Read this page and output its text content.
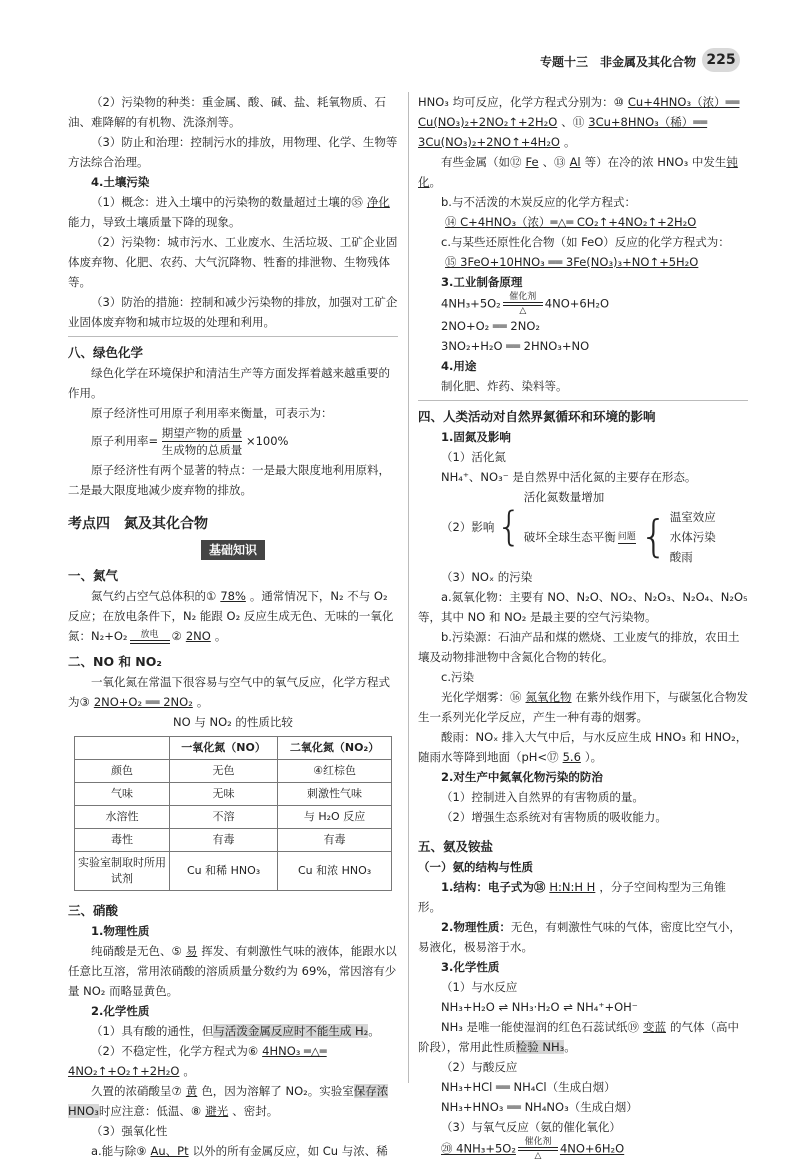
专题十三　非金属及其化合物 225

（2）污染物的种类：重金属、酸、碱、盐、耗氧物质、石油、难降解的有机物、洗涤剂等。

（3）防止和治理：控制污水的排放，用物理、化学、生物等方法综合治理。

4.土壤污染

（1）概念：进入土壤中的污染物的数量超过土壤的㉟ 净化能力，导致土壤质量下降的现象。

（2）污染物：城市污水、工业废水、生活垃圾、工矿企业固体废弃物、化肥、农药、大气沉降物、牲畜的排泄物、生物残体等。

（3）防治的措施：控制和减少污染物的排放，加强对工矿企业固体废弃物和城市垃圾的处理和利用。

八、绿色化学

绿色化学在环境保护和清洁生产等方面发挥着越来越重要的作用。

原子经济性可用原子利用率来衡量，可表示为：

原子利用率= $\frac{\text{期望产物的质量}}{\text{生成物的总质量}} \times 100\%$

原子经济性有两个显著的特点：一是最大限度地利用原料，二是最大限度地减少废弃物的排放。

考点四　氮及其化合物

基础知识

一、氮气

氮气约占空气总体积的① 78% 。通常情况下，N₂ 不与 O₂ 反应；在放电条件下，N₂ 能跟 O₂ 反应生成无色、无味的一氧化氮：N₂+O₂	放电	② 2NO 。

二、NO 和 NO₂

一氧化氮在常温下很容易与空气中的氧气反应，化学方程式为③ 2NO+O₂ ══ 2NO₂ 。

NO 与 NO₂ 的性质比较

	一氧化氮（NO）	二氧化氮（NO₂）
颜色	无色	④红棕色
气味	无味	刺激性气味
水溶性	不溶	与 H₂O 反应
毒性	有毒	有毒
实验室制取时所用试剂	Cu 和稀 HNO₃	Cu 和浓 HNO₃

三、硝酸

1.物理性质

纯硝酸是无色、⑤ 易 挥发、有刺激性气味的液体，能跟水以任意比互溶，常用浓硝酸的溶质质量分数约为 69%，常因溶有少量 NO₂ 而略显黄色。

2.化学性质

（1）具有酸的通性，但与活泼金属反应时不能生成 H₂。

（2）不稳定性，化学方程式为⑥ 4HNO₃ ═△═ 4NO₂↑+O₂↑+2H₂O 。

久置的浓硝酸呈⑦ 黄 色，因为溶解了 NO₂。实验室保存浓 HNO₃时应注意：低温、⑧ 避光 、密封。

（3）强氧化性

a.能与除⑨ Au、Pt 以外的所有金属反应，如 Cu 与浓、稀

HNO₃ 均可反应，化学方程式分别为：⑩ Cu+4HNO₃（浓）══ Cu(NO₃)₂+2NO₂↑+2H₂O 、⑪ 3Cu+8HNO₃（稀）══ 3Cu(NO₃)₂+2NO↑+4H₂O 。

有些金属（如⑫ Fe 、⑬ Al 等）在冷的浓 HNO₃ 中发生钝化。

b.与不活泼的木炭反应的化学方程式：

⑭ C+4HNO₃（浓）═△═ CO₂↑+4NO₂↑+2H₂O

c.与某些还原性化合物（如 FeO）反应的化学方程式为：

⑮ 3FeO+10HNO₃ ══ 3Fe(NO₃)₃+NO↑+5H₂O

3.工业制备原理

4NH₃+5O₂ 催化剂
△
4NO+6H₂O

2NO+O₂ ══ 2NO₂

3NO₂+H₂O ══ 2HNO₃+NO

4.用途

制化肥、炸药、染料等。

四、人类活动对自然界氮循环和环境的影响

1.固氮及影响

（1）活化氮

NH₄⁺、NO₃⁻ 是自然界中活化氮的主要存在形态。

（2）影响 {
活化氮数量增加
破坏全球生态平衡 问题 { 温室效应
水体污染
酸雨

（3）NOₓ 的污染

a.氮氧化物：主要有 NO、N₂O、NO₂、N₂O₃、N₂O₄、N₂O₅ 等，其中 NO 和 NO₂ 是最主要的空气污染物。

b.污染源：石油产品和煤的燃烧、工业废气的排放，农田土壤及动物排泄物中含氮化合物的转化。

c.污染

光化学烟雾：⑯ 氮氧化物 在紫外线作用下，与碳氢化合物发生一系列光化学反应，产生一种有毒的烟雾。

酸雨：NOₓ 排入大气中后，与水反应生成 HNO₃ 和 HNO₂，随雨水等降到地面（pH<⑰ 5.6 ）。

2.对生产中氮氧化物污染的防治

（1）控制进入自然界的有害物质的量。

（2）增强生态系统对有害物质的吸收能力。

五、氨及铵盐

（一）氨的结构与性质

1.结构：电子式为⑱ H:N:H H ，分子空间构型为三角锥形。

2.物理性质：无色，有刺激性气味的气体，密度比空气小，易液化，极易溶于水。

3.化学性质

（1）与水反应

NH₃+H₂O ⇌ NH₃·H₂O ⇌ NH₄⁺+OH⁻

NH₃ 是唯一能使湿润的红色石蕊试纸⑲ 变蓝 的气体（高中阶段），常用此性质检验 NH₃。

（2）与酸反应

NH₃+HCl ══ NH₄Cl（生成白烟）

NH₃+HNO₃ ══ NH₄NO₃（生成白烟）

（3）与氧气反应（氨的催化氧化）

⑳ 4NH₃+5O₂ 催化剂
△
4NO+6H₂O
